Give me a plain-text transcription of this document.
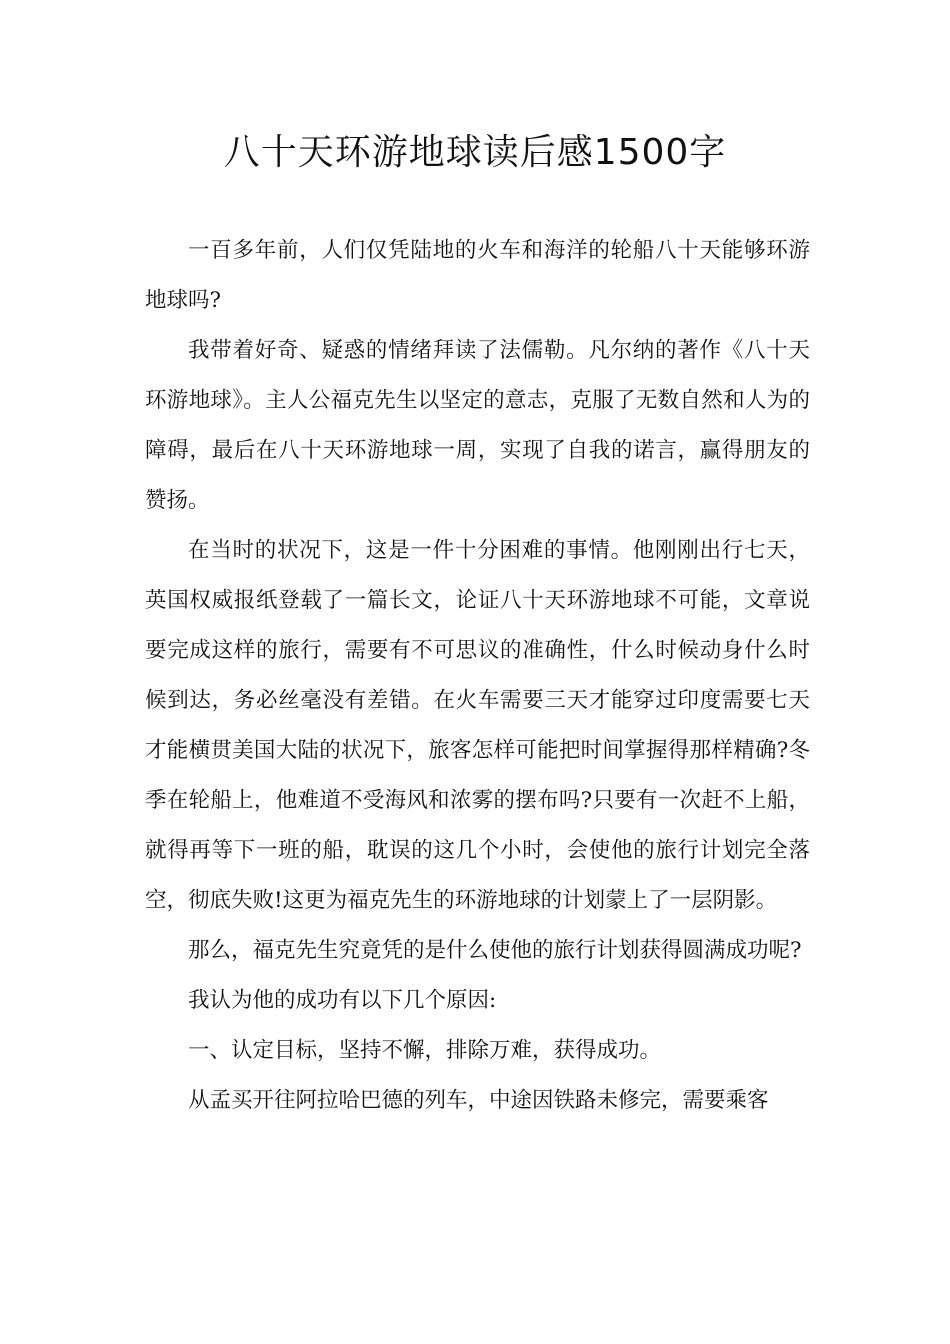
八十天环游地球读后感1500字

一百多年前，人们仅凭陆地的火车和海洋的轮船八十天能够环游地球吗?

我带着好奇、疑惑的情绪拜读了法儒勒。凡尔纳的著作《八十天环游地球》。主人公福克先生以坚定的意志，克服了无数自然和人为的障碍，最后在八十天环游地球一周，实现了自我的诺言，赢得朋友的赞扬。

在当时的状况下，这是一件十分困难的事情。他刚刚出行七天，英国权威报纸登载了一篇长文，论证八十天环游地球不可能，文章说要完成这样的旅行，需要有不可思议的准确性，什么时候动身什么时候到达，务必丝毫没有差错。在火车需要三天才能穿过印度需要七天才能横贯美国大陆的状况下，旅客怎样可能把时间掌握得那样精确?冬季在轮船上，他难道不受海风和浓雾的摆布吗?只要有一次赶不上船，就得再等下一班的船，耽误的这几个小时，会使他的旅行计划完全落空，彻底失败!这更为福克先生的环游地球的计划蒙上了一层阴影。

那么，福克先生究竟凭的是什么使他的旅行计划获得圆满成功呢?

我认为他的成功有以下几个原因:

一、认定目标，坚持不懈，排除万难，获得成功。

从孟买开往阿拉哈巴德的列车，中途因铁路未修完，需要乘客
